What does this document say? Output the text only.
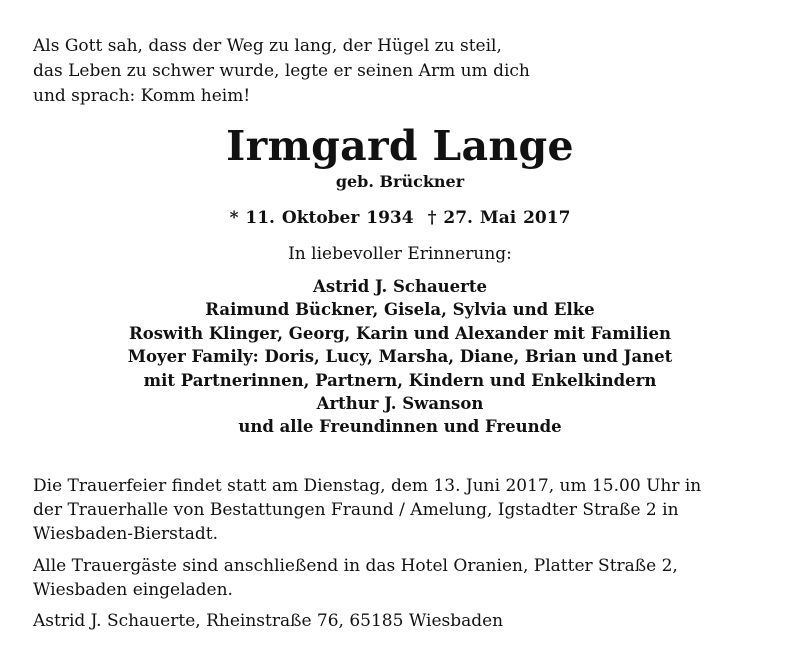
Als Gott sah, dass der Weg zu lang, der Hügel zu steil,
das Leben zu schwer wurde, legte er seinen Arm um dich
und sprach: Komm heim!

Irmgard Lange
geb. Brückner
* 11. Oktober 1934 † 27. Mai 2017
In liebevoller Erinnerung:
Astrid J. Schauerte
Raimund Bückner, Gisela, Sylvia und Elke
Roswith Klinger, Georg, Karin und Alexander mit Familien
Moyer Family: Doris, Lucy, Marsha, Diane, Brian und Janet
mit Partnerinnen, Partnern, Kindern und Enkelkindern
Arthur J. Swanson
und alle Freundinnen und Freunde

Die Trauerfeier findet statt am Dienstag, dem 13. Juni 2017, um 15.00 Uhr in der Trauerhalle von Bestattungen Fraund / Amelung, Igstadter Straße 2 in Wiesbaden-Bierstadt.

Alle Trauergäste sind anschließend in das Hotel Oranien, Platter Straße 2, Wiesbaden eingeladen.

Astrid J. Schauerte, Rheinstraße 76, 65185 Wiesbaden
